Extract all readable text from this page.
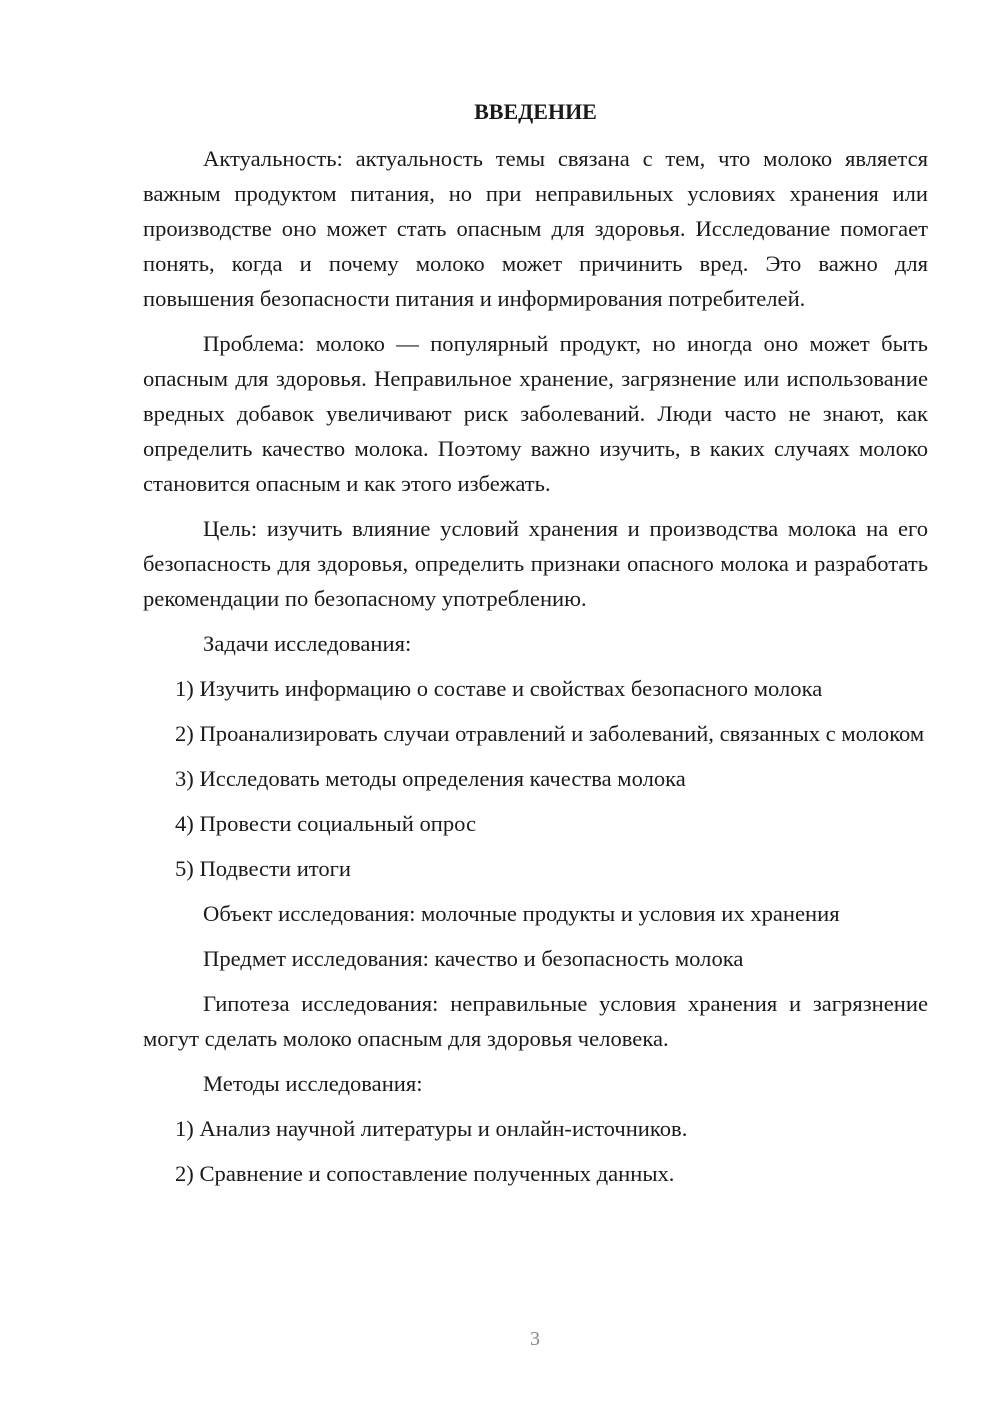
ВВЕДЕНИЕ

Актуальность: актуальность темы связана с тем, что молоко является важным продуктом питания, но при неправильных условиях хранения или производстве оно может стать опасным для здоровья. Исследование помогает понять, когда и почему молоко может причинить вред. Это важно для повышения безопасности питания и информирования потребителей.

Проблема: молоко — популярный продукт, но иногда оно может быть опасным для здоровья. Неправильное хранение, загрязнение или использование вредных добавок увеличивают риск заболеваний. Люди часто не знают, как определить качество молока. Поэтому важно изучить, в каких случаях молоко становится опасным и как этого избежать.

Цель: изучить влияние условий хранения и производства молока на его безопасность для здоровья, определить признаки опасного молока и разработать рекомендации по безопасному употреблению.

Задачи исследования:
1) Изучить информацию о составе и свойствах безопасного молока
2) Проанализировать случаи отравлений и заболеваний, связанных с молоком
3) Исследовать методы определения качества молока
4) Провести социальный опрос
5) Подвести итоги
Объект исследования: молочные продукты и условия их хранения
Предмет исследования: качество и безопасность молока

Гипотеза исследования: неправильные условия хранения и загрязнение могут сделать молоко опасным для здоровья человека.

Методы исследования:
1) Анализ научной литературы и онлайн-источников.
2) Сравнение и сопоставление полученных данных.
3
